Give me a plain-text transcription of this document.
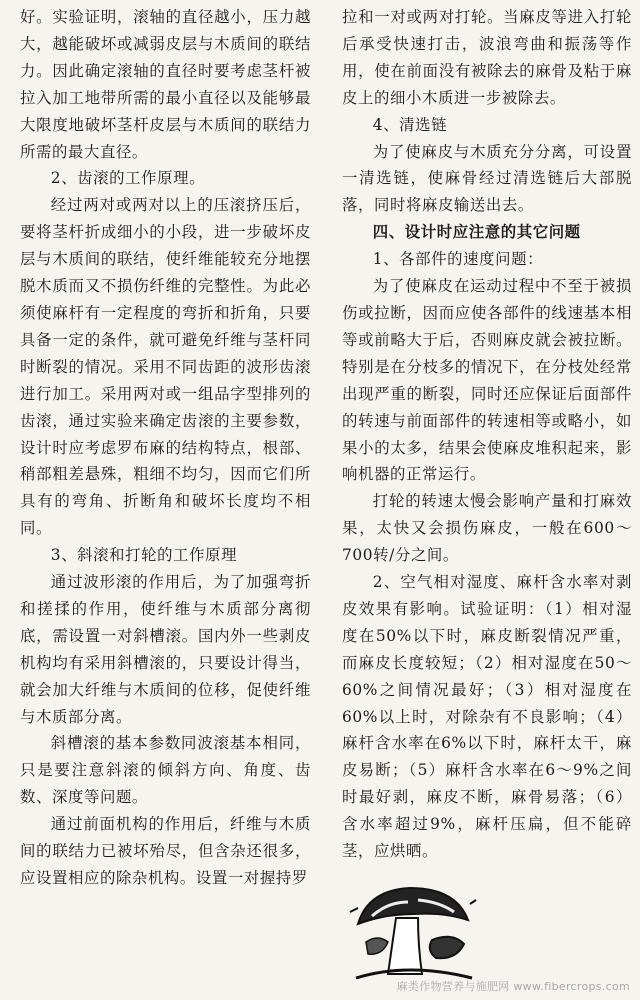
好。实验证明，滚轴的直径越小，压力越大，越能破坏或减弱皮层与木质间的联结力。因此确定滚轴的直径时要考虑茎杆被拉入加工地带所需的最小直径以及能够最大限度地破坏茎杆皮层与木质间的联结力所需的最大直径。

2、齿滚的工作原理。

经过两对或两对以上的压滚挤压后，要将茎杆折成细小的小段，进一步破坏皮层与木质间的联结，使纤维能较充分地摆脱木质而又不损伤纤维的完整性。为此必须使麻杆有一定程度的弯折和折角，只要具备一定的条件，就可避免纤维与茎杆同时断裂的情况。采用不同齿距的波形齿滚进行加工。采用两对或一组品字型排列的齿滚，通过实验来确定齿滚的主要参数，设计时应考虑罗布麻的结构特点，根部、稍部粗差悬殊，粗细不均匀，因而它们所具有的弯角、折断角和破坏长度均不相同。

3、斜滚和打轮的工作原理

通过波形滚的作用后，为了加强弯折和搓揉的作用，使纤维与木质部分离彻底，需设置一对斜槽滚。国内外一些剥皮机构均有采用斜槽滚的，只要设计得当，就会加大纤维与木质间的位移，促使纤维与木质部分离。

斜槽滚的基本参数同波滚基本相同，只是要注意斜滚的倾斜方向、角度、齿数、深度等问题。

通过前面机构的作用后，纤维与木质间的联结力已被坏殆尽，但含杂还很多，应设置相应的除杂机构。设置一对握持罗

拉和一对或两对打轮。当麻皮等进入打轮后承受快速打击，波浪弯曲和振荡等作用，使在前面没有被除去的麻骨及粘于麻皮上的细小木质进一步被除去。

4、清选链

为了使麻皮与木质充分分离，可设置一清选链，使麻骨经过清选链后大部脱落，同时将麻皮输送出去。

四、设计时应注意的其它问题

1、各部件的速度问题：

为了使麻皮在运动过程中不至于被损伤或拉断，因而应使各部件的线速基本相等或前略大于后，否则麻皮就会被拉断。特别是在分枝多的情况下，在分枝处经常出现严重的断裂，同时还应保证后面部件的转速与前面部件的转速相等或略小，如果小的太多，结果会使麻皮堆积起来，影响机器的正常运行。

打轮的转速太慢会影响产量和打麻效果，太快又会损伤麻皮，一般在600～700转/分之间。

2、空气相对湿度、麻杆含水率对剥皮效果有影响。试验证明：（1）相对湿度在50%以下时，麻皮断裂情况严重，而麻皮长度较短；（2）相对湿度在50～60%之间情况最好；（3）相对湿度在60%以上时，对除杂有不良影响；（4）麻杆含水率在6%以下时，麻杆太干，麻皮易断；（5）麻杆含水率在6～9%之间时最好剥，麻皮不断，麻骨易落；（6）含水率超过9%，麻杆压扁，但不能碎茎，应烘晒。

麻类作物营养与施肥网 www.fibercrops.com
